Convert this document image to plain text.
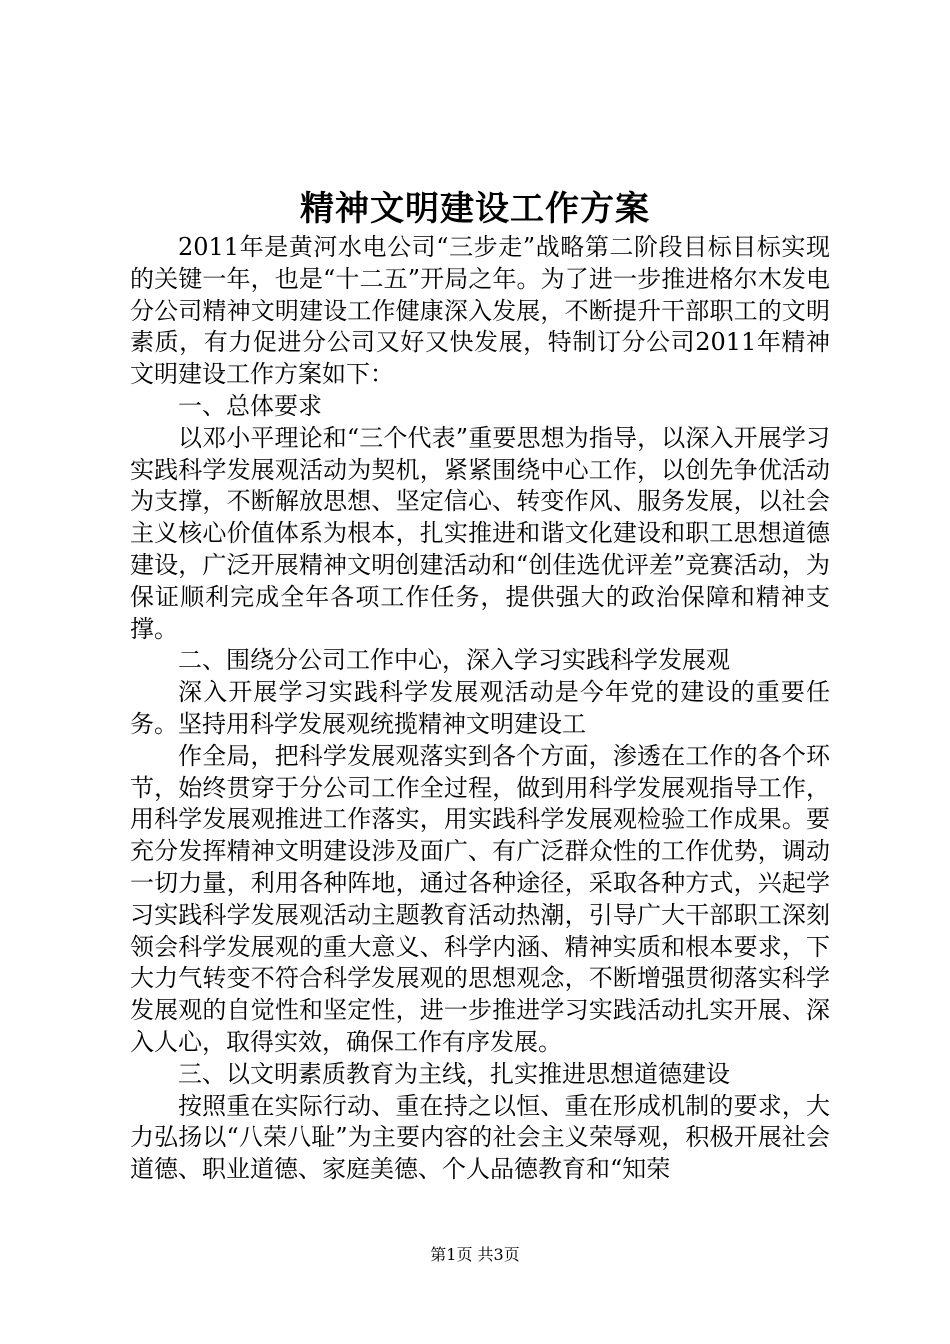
精神文明建设工作方案

2011年是黄河水电公司“三步走”战略第二阶段目标目标实现的关键一年，也是“十二五”开局之年。为了进一步推进格尔木发电分公司精神文明建设工作健康深入发展，不断提升干部职工的文明素质，有力促进分公司又好又快发展，特制订分公司2011年精神文明建设工作方案如下：

一、总体要求

以邓小平理论和“三个代表”重要思想为指导，以深入开展学习实践科学发展观活动为契机，紧紧围绕中心工作，以创先争优活动为支撑，不断解放思想、坚定信心、转变作风、服务发展，以社会主义核心价值体系为根本，扎实推进和谐文化建设和职工思想道德建设，广泛开展精神文明创建活动和“创佳选优评差”竞赛活动，为保证顺利完成全年各项工作任务，提供强大的政治保障和精神支撑。

二、围绕分公司工作中心，深入学习实践科学发展观

深入开展学习实践科学发展观活动是今年党的建设的重要任务。坚持用科学发展观统揽精神文明建设工

作全局，把科学发展观落实到各个方面，渗透在工作的各个环节，始终贯穿于分公司工作全过程，做到用科学发展观指导工作，用科学发展观推进工作落实，用实践科学发展观检验工作成果。要充分发挥精神文明建设涉及面广、有广泛群众性的工作优势，调动一切力量，利用各种阵地，通过各种途径，采取各种方式，兴起学习实践科学发展观活动主题教育活动热潮，引导广大干部职工深刻领会科学发展观的重大意义、科学内涵、精神实质和根本要求，下大力气转变不符合科学发展观的思想观念，不断增强贯彻落实科学发展观的自觉性和坚定性，进一步推进学习实践活动扎实开展、深入人心，取得实效，确保工作有序发展。

三、以文明素质教育为主线，扎实推进思想道德建设

按照重在实际行动、重在持之以恒、重在形成机制的要求，大力弘扬以“八荣八耻”为主要内容的社会主义荣辱观，积极开展社会道德、职业道德、家庭美德、个人品德教育和“知荣

第1页 共3页
